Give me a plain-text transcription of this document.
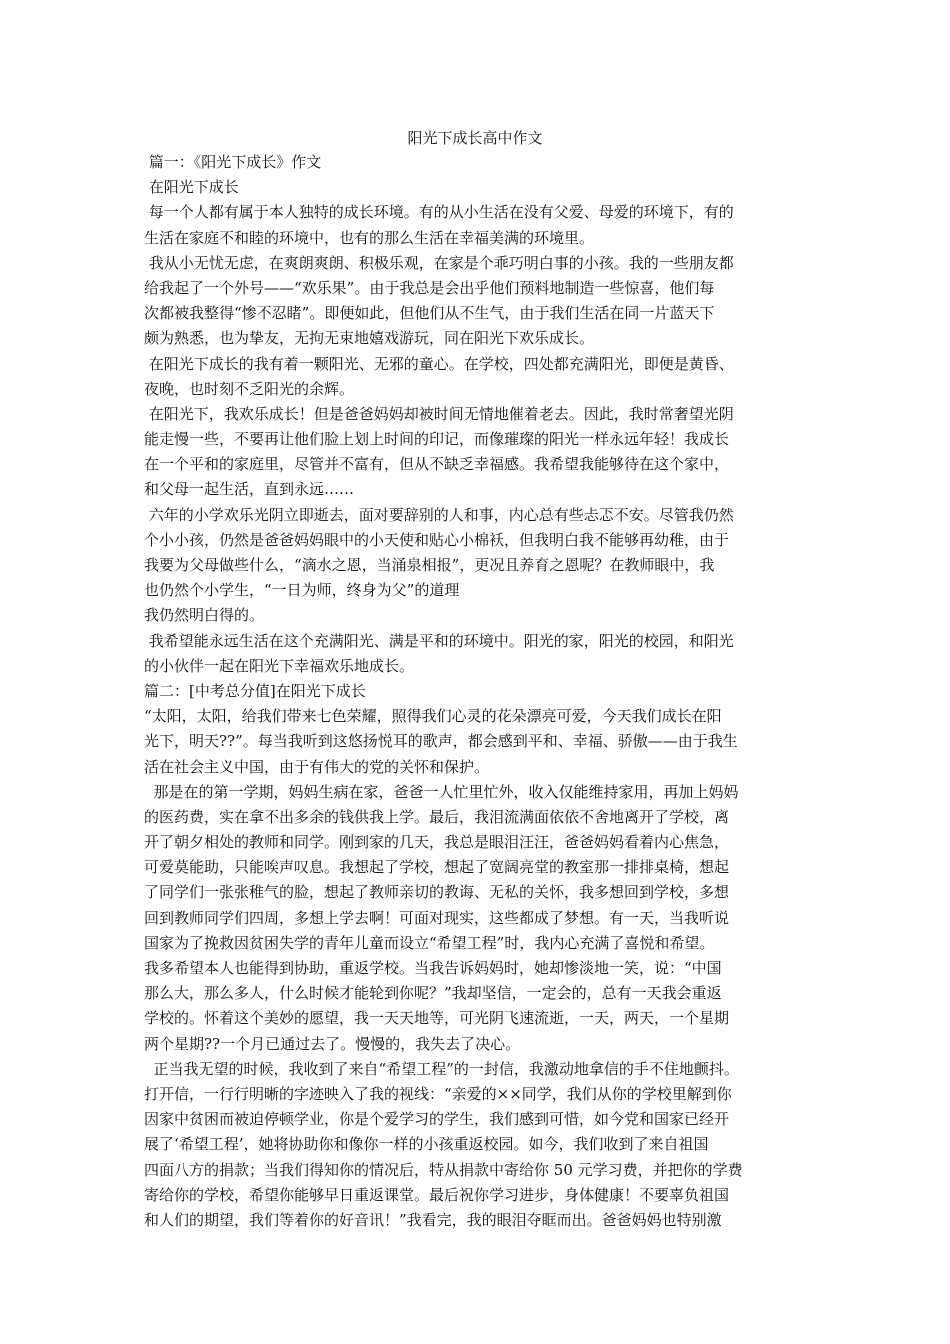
阳光下成长高中作文
篇一：《阳光下成长》作文
在阳光下成长
每一个人都有属于本人独特的成长环境。有的从小生活在没有父爱、母爱的环境下，有的
生活在家庭不和睦的环境中，也有的那么生活在幸福美满的环境里。
我从小无忧无虑，在爽朗爽朗、积极乐观，在家是个乖巧明白事的小孩。我的一些朋友都
给我起了一个外号——“欢乐果”。由于我总是会出乎他们预料地制造一些惊喜，他们每
次都被我整得“惨不忍睹”。即便如此，但他们从不生气，由于我们生活在同一片蓝天下
颇为熟悉，也为挚友，无拘无束地嬉戏游玩，同在阳光下欢乐成长。
在阳光下成长的我有着一颗阳光、无邪的童心。在学校，四处都充满阳光，即便是黄昏、
夜晚，也时刻不乏阳光的余辉。
在阳光下，我欢乐成长！但是爸爸妈妈却被时间无情地催着老去。因此，我时常奢望光阴
能走慢一些，不要再让他们脸上划上时间的印记，而像璀璨的阳光一样永远年轻！我成长
在一个平和的家庭里，尽管并不富有，但从不缺乏幸福感。我希望我能够待在这个家中，
和父母一起生活，直到永远……
六年的小学欢乐光阴立即逝去，面对要辞别的人和事，内心总有些忐忑不安。尽管我仍然
个小小孩，仍然是爸爸妈妈眼中的小天使和贴心小棉袄，但我明白我不能够再幼稚，由于
我要为父母做些什么，“滴水之恩，当涌泉相报”，更况且养育之恩呢？在教师眼中，我
也仍然个小学生，“一日为师，终身为父”的道理
我仍然明白得的。
我希望能永远生活在这个充满阳光、满是平和的环境中。阳光的家，阳光的校园，和阳光
的小伙伴一起在阳光下幸福欢乐地成长。
篇二：[中考总分值]在阳光下成长
“太阳，太阳，给我们带来七色荣耀，照得我们心灵的花朵漂亮可爱，今天我们成长在阳
光下，明天??”。每当我听到这悠扬悦耳的歌声，都会感到平和、幸福、骄傲——由于我生
活在社会主义中国，由于有伟大的党的关怀和保护。
那是在的第一学期，妈妈生病在家，爸爸一人忙里忙外，收入仅能维持家用，再加上妈妈
的医药费，实在拿不出多余的钱供我上学。最后，我泪流满面依依不舍地离开了学校，离
开了朝夕相处的教师和同学。刚到家的几天，我总是眼泪汪汪，爸爸妈妈看着内心焦急，
可爱莫能助，只能唉声叹息。我想起了学校，想起了宽阔亮堂的教室那一排排桌椅，想起
了同学们一张张稚气的脸，想起了教师亲切的教诲、无私的关怀，我多想回到学校，多想
回到教师同学们四周，多想上学去啊！可面对现实，这些都成了梦想。有一天，当我听说
国家为了挽救因贫困失学的青年儿童而设立“希望工程”时，我内心充满了喜悦和希望。
我多希望本人也能得到协助，重返学校。当我告诉妈妈时，她却惨淡地一笑，说：“中国
那么大，那么多人，什么时候才能轮到你呢？”我却坚信，一定会的，总有一天我会重返
学校的。怀着这个美妙的愿望，我一天天地等，可光阴飞速流逝，一天，两天，一个星期
两个星期??一个月已通过去了。慢慢的，我失去了决心。
正当我无望的时候，我收到了来自“希望工程”的一封信，我激动地拿信的手不住地颤抖。
打开信，一行行明晰的字迹映入了我的视线：“亲爱的××同学，我们从你的学校里解到你
因家中贫困而被迫停顿学业，你是个爱学习的学生，我们感到可惜，如今党和国家已经开
展了‘希望工程’，她将协助你和像你一样的小孩重返校园。如今，我们收到了来自祖国
四面八方的捐款；当我们得知你的情况后，特从捐款中寄给你 50 元学习费，并把你的学费
寄给你的学校，希望你能够早日重返课堂。最后祝你学习进步，身体健康！不要辜负祖国
和人们的期望，我们等着你的好音讯！”我看完，我的眼泪夺眶而出。爸爸妈妈也特别激
